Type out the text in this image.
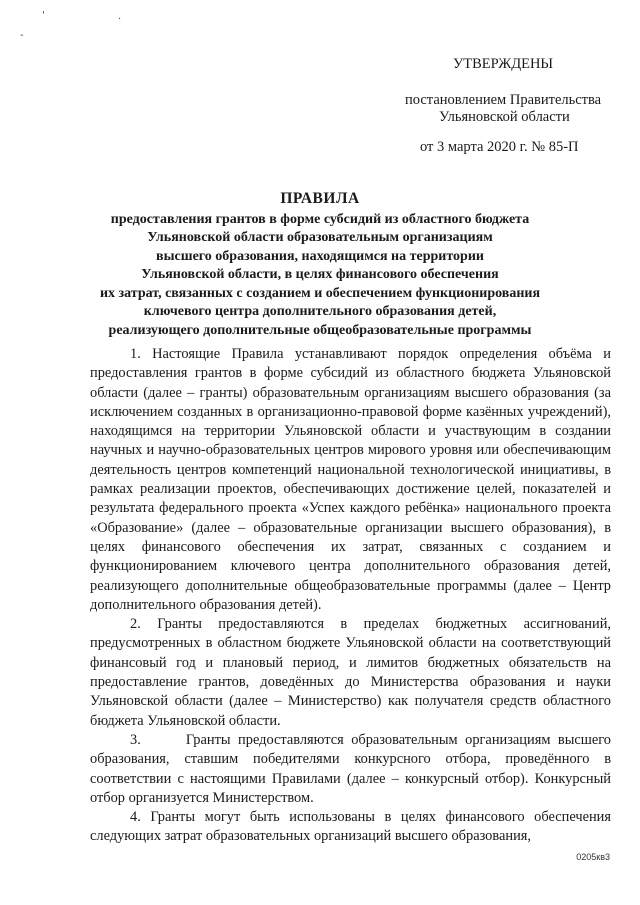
'
-
·
УТВЕРЖДЕНЫ
постановлением Правительства
Ульяновской области
от 3 марта 2020 г. № 85-П
ПРАВИЛА
предоставления грантов в форме субсидий из областного бюджета
Ульяновской области образовательным организациям
высшего образования, находящимся на территории
Ульяновской области, в целях финансового обеспечения
их затрат, связанных с созданием и обеспечением функционирования
ключевого центра дополнительного образования детей,
реализующего дополнительные общеобразовательные программы

1. Настоящие Правила устанавливают порядок определения объёма и предоставления грантов в форме субсидий из областного бюджета Ульяновской области (далее – гранты) образовательным организациям высшего образования (за исключением созданных в организационно-правовой форме казённых учреждений), находящимся на территории Ульяновской области и участвующим в создании научных и научно-образовательных центров мирового уровня или обеспечивающим деятельность центров компетенций национальной технологической инициативы, в рамках реализации проектов, обеспечивающих достижение целей, показателей и результата федерального проекта «Успех каждого ребёнка» национального проекта «Образование» (далее – образовательные организации высшего образования), в целях финансового обеспечения их затрат, связанных с созданием и функционированием ключевого центра дополнительного образования детей, реализующего дополнительные общеобразовательные программы (далее – Центр дополнительного образования детей).

2. Гранты предоставляются в пределах бюджетных ассигнований, предусмотренных в областном бюджете Ульяновской области на соответствующий финансовый год и плановый период, и лимитов бюджетных обязательств на предоставление грантов, доведённых до Министерства образования и науки Ульяновской области (далее – Министерство) как получателя средств областного бюджета Ульяновской области.

3.      Гранты предоставляются образовательным организациям высшего образования, ставшим победителями конкурсного отбора, проведённого в соответствии с настоящими Правилами (далее – конкурсный отбор). Конкурсный отбор организуется Министерством.

4. Гранты могут быть использованы в целях финансового обеспечения следующих затрат образовательных организаций высшего образования,

0205кв3
